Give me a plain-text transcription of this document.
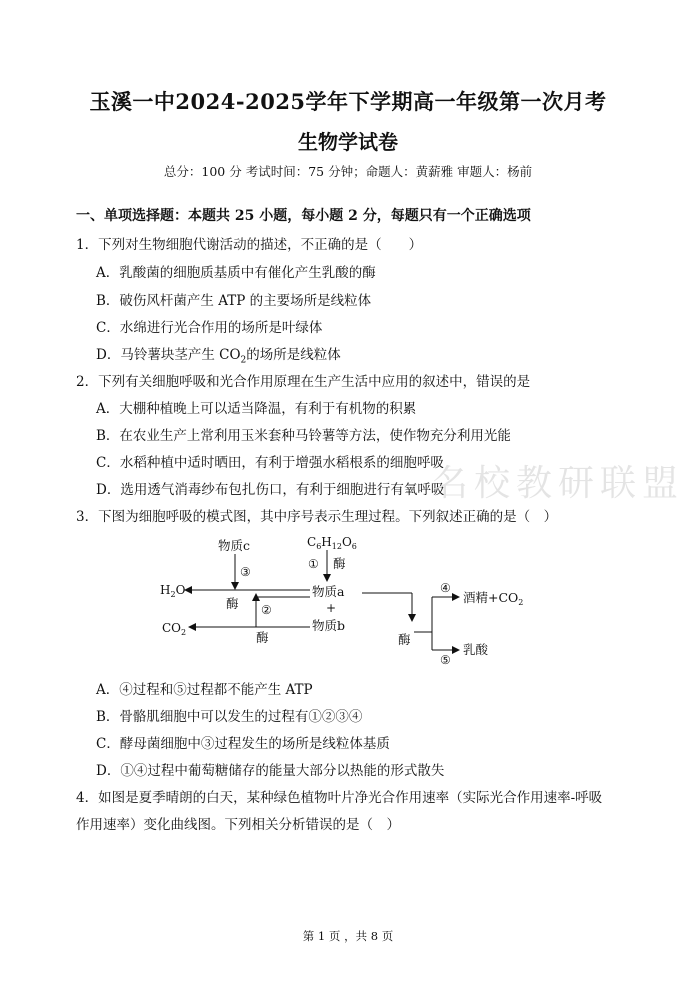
玉溪一中2024-2025学年下学期高一年级第一次月考
生物学试卷
总分：100 分 考试时间：75 分钟；命题人：黄薪雅 审题人：杨前
一、单项选择题：本题共 25 小题，每小题 2 分，每题只有一个正确选项
1．下列对生物细胞代谢活动的描述，不正确的是（　　）
A．乳酸菌的细胞质基质中有催化产生乳酸的酶
B．破伤风杆菌产生 ATP 的主要场所是线粒体
C．水绵进行光合作用的场所是叶绿体
D．马铃薯块茎产生 $CO_2$的场所是线粒体
2．下列有关细胞呼吸和光合作用原理在生产生活中应用的叙述中，错误的是
A．大棚种植晚上可以适当降温，有利于有机物的积累
B．在农业生产上常利用玉米套种马铃薯等方法，使作物充分利用光能
C．水稻种植中适时晒田，有利于增强水稻根系的细胞呼吸
D．选用透气消毒纱布包扎伤口，有利于细胞进行有氧呼吸
名校教研联盟
3．下图为细胞呼吸的模式图，其中序号表示生理过程。下列叙述正确的是（　）
物质c	$C_6H_{12}O_6$
① 酶
③
物质a
+
物质b
$H_2O$
$CO_2$
酶 ②
酶	酶
④
酒精$+CO_2$
⑤
乳酸
A．④过程和⑤过程都不能产生 ATP
B．骨骼肌细胞中可以发生的过程有①②③④
C．酵母菌细胞中③过程发生的场所是线粒体基质
D．①④过程中葡萄糖储存的能量大部分以热能的形式散失
4．如图是夏季晴朗的白天，某种绿色植物叶片净光合作用速率（实际光合作用速率-呼吸
作用速率）变化曲线图。下列相关分析错误的是（　）
第 1 页 ，共 8 页
